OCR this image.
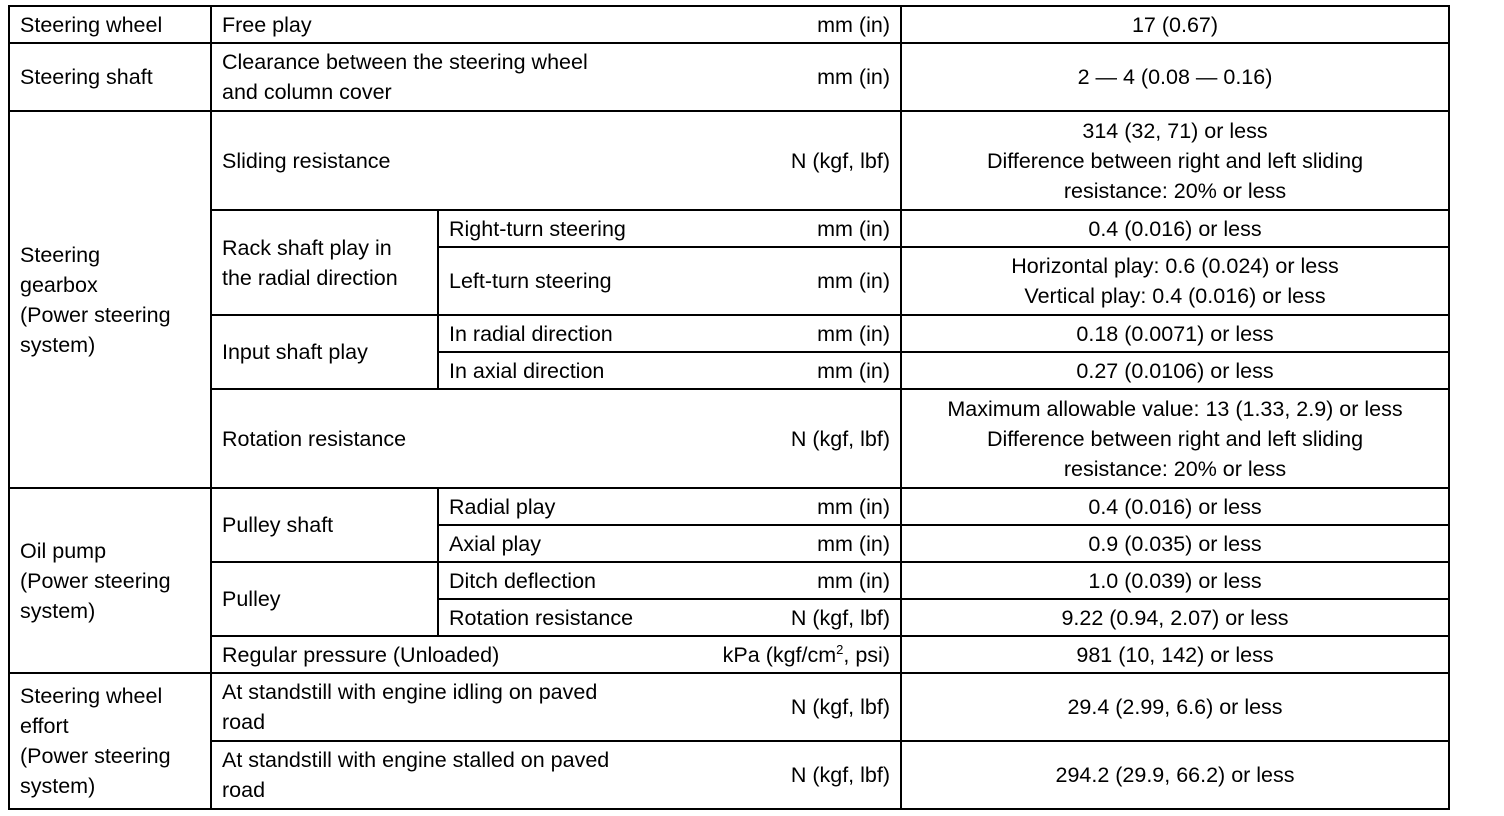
Steering wheel	Free play	mm (in)	17 (0.67)
Steering shaft	Clearance between the steering wheel
and column cover	mm (in)	2 — 4 (0.08 — 0.16)

Steering
gearbox
(Power steering
system)	Sliding resistance	N (kgf, lbf)	314 (32, 71) or less
Difference between right and left sliding
resistance: 20% or less

	Rack shaft play in
the radial direction	Right-turn steering mm (in)	0.4 (0.016) or less

		Left-turn steering mm (in)	Horizontal play: 0.6 (0.024) or less
Vertical play: 0.4 (0.016) or less

	Input shaft play	In radial direction mm (in)	0.18 (0.0071) or less

		In axial direction mm (in)	0.27 (0.0106) or less
	Rotation resistance	N (kgf, lbf)	Maximum allowable value: 13 (1.33, 2.9) or less
Difference between right and left sliding
resistance: 20% or less

Oil pump
(Power steering
system)	Pulley shaft	Radial play mm (in)	0.4 (0.016) or less

		Axial play mm (in)	0.9 (0.035) or less
	Pulley	Ditch deflection mm (in)	1.0 (0.039) or less

		Rotation resistance N (kgf, lbf)	9.22 (0.94, 2.07) or less
	Regular pressure (Unloaded)	kPa ($kgf/cm^2$, psi)	981 (10, 142) or less

Steering wheel
effort
(Power steering
system)	At standstill with engine idling on paved
road	N (kgf, lbf)	29.4 (2.99, 6.6) or less

	At standstill with engine stalled on paved
road	N (kgf, lbf)	294.2 (29.9, 66.2) or less
